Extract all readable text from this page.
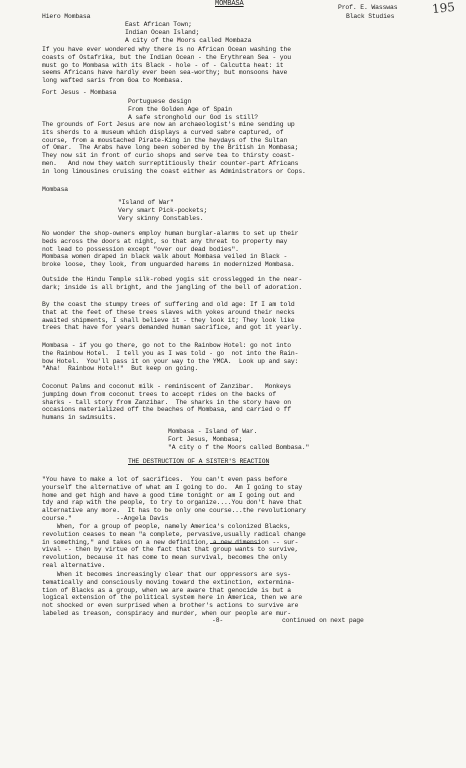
195
MOMBASA	Prof. E. Wasswas
Black Studies
Hiero Mombasa
East African Town;
Indian Ocean Island;
A city of the Moors called Mombaza
If you have ever wondered why there is no African Ocean washing the
coasts of Ostafrika, but the Indian Ocean - the Erythrean Sea - you
must go to Mombasa with its Black - hole - of - Calcutta heat: it
seems Africans have hardly ever been sea-worthy; but monsoons have
long wafted saris from Goa to Mombasa.
Fort Jesus - Mombasa
Portuguese design
From the Golden Age of Spain
A safe stronghold our God is still?
The grounds of Fort Jesus are now an archaeologist's mine sending up
its sherds to a museum which displays a curved sabre captured, of
course, from a moustached Pirate-King in the heydays of the Sultan
of Omar.  The Arabs have long been sobered by the British in Mombasa;
They now sit in front of curio shops and serve tea to thirsty coast-
men.   And now they watch surreptitiously their counter-part Africans
in long limousines cruising the coast either as Administrators or Cops.
Mombasa
"Island of War"
Very smart Pick-pockets;
Very skinny Constables.
No wonder the shop-owners employ human burglar-alarms to set up their
beds across the doors at night, so that any threat to property may
not lead to possession except "over our dead bodies".
Mombasa women draped in black walk about Mombasa veiled in Black -
broke loose, they look, from unguarded harems in modernized Mombasa.
Outside the Hindu Temple silk-robed yogis sit crosslegged in the near-
dark; inside is all bright, and the jangling of the bell of adoration.
By the coast the stumpy trees of suffering and old age: If I am told
that at the feet of these trees slaves with yokes around their necks
awaited shipments, I shall believe it - they look it; They look like
trees that have for years demanded human sacrifice, and got it yearly.
Mombasa - if you go there, go not to the Rainbow Hotel: go not into
the Rainbow Hotel.  I tell you as I was told - go  not into the Rain-
bow Hotel.  You'll pass it on your way to the YMCA.  Look up and say:
"Aha!  Rainbow Hotel!"  But keep on going.
Coconut Palms and coconut milk - reminiscent of Zanzibar.   Monkeys
jumping down from coconut trees to accept rides on the backs of
sharks - tall story from Zanzibar.  The sharks in the story have on
occasions materialized off the beaches of Mombasa, and carried o ff
humans in swimsuits.
Mombasa - Island of War.
Fort Jesus, Mombasa;
"A city o f the Moors called Bombasa."
THE DESTRUCTION OF A SISTER'S REACTION
"You have to make a lot of sacrifices.  You can't even pass before
yourself the alternative of what am I going to do.  Am I going to stay
home and get high and have a good time tonight or am I going out and
tdy and rap with the people, to try to organize....You don't have that
alternative any more.  It has to be only one course...the revolutionary
course."            --Angela Davis
When, for a group of people, namely America's colonized Blacks,
revolution ceases to mean "a complete, pervasive,usually radical change
in something," and takes on a new definition, a new dimension -- sur-
vival -- then by virtue of the fact that that group wants to survive,
revolution, because it has come to mean survival, becomes the only
real alternative.
When it becomes increasingly clear that our oppressors are sys-
tematically and consciously moving toward the extinction, extermina-
tion of Blacks as a group, when we are aware that genocide is but a
logical extension of the political system here in America, then we are
not shocked or even surprised when a brother's actions to survive are
labeled as treason, conspiracy and murder, when our people are mur-
-8-	continued on next page
